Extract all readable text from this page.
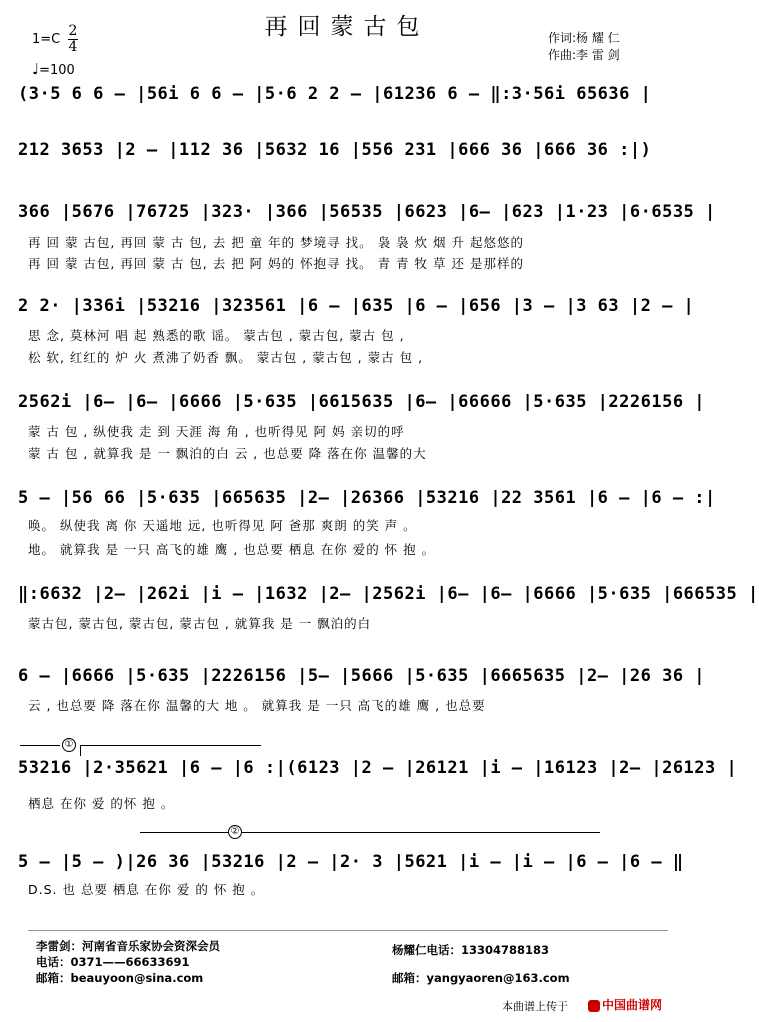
再回蒙古包	作词:杨 耀 仁
作曲:李 雷 剑
1=C
2
4
♩=100
(3·5 6 6 – |56i 6 6 – |5·6 2 2 – |61236 6 – ‖:3·56i 65636 |
212 3653 |2 – |112 36 |5632 16 |556 231 |666 36 |666 36 :|)
366 |5676 |76725 |323· |366 |56535 |6623 |6– |623 |1·23 |6·6535 |
再 回 蒙 古包, 再回 蒙 古 包, 去 把 童 年的 梦境寻 找。 袅 袅 炊 烟 升 起悠悠的
再 回 蒙 古包, 再回 蒙 古 包, 去 把 阿 妈的 怀抱寻 找。 青 青 牧 草 还 是那样的
2 2· |336i |53216 |323561 |6 – |635 |6 – |656 |3 – |3 63 |2 – |
思 念, 莫林河 唱 起 熟悉的歌 谣。 蒙古包 , 蒙古包, 蒙古 包 ,
松 软, 红红的 炉 火 煮沸了奶香 飘。 蒙古包 , 蒙古包 , 蒙古 包 ,
2562i |6– |6– |6666 |5·635 |6615635 |6– |66666 |5·635 |2226156 |
蒙 古 包 , 纵使我 走 到 天涯 海 角 , 也听得见 阿 妈 亲切的呼
蒙 古 包 , 就算我 是 一 飘泊的白 云 , 也总要 降 落在你 温馨的大
5 – |56 66 |5·635 |665635 |2– |26366 |53216 |22 3561 |6 – |6 – :|
唤。 纵使我 离 你 天遥地 远, 也听得见 阿 爸那 爽朗 的笑 声 。
地。 就算我 是 一只 高飞的雄 鹰 , 也总要 栖息 在你 爱的 怀 抱 。
‖:6632 |2– |262i |i – |1632 |2– |2562i |6– |6– |6666 |5·635 |666535 |
蒙古包, 蒙古包, 蒙古包, 蒙古包 , 就算我 是 一 飘泊的白
6 – |6666 |5·635 |2226156 |5– |5666 |5·635 |6665635 |2– |26 36 |
云 , 也总要 降 落在你 温馨的大 地 。 就算我 是 一只 高飞的雄 鹰 , 也总要
①
53216 |2·35621 |6 – |6 :|(6123 |2 – |26121 |i – |16123 |2– |26123 |
栖息 在你 爱 的怀 抱 。
②
5 – |5 – )|26 36 |53216 |2 – |2· 3 |5621 |i – |i – |6 – |6 – ‖
D.S. 也 总要 栖息 在你 爱 的 怀 抱 。
李雷剑：河南省音乐家协会资深会员
电话：0371——66633691
邮箱：beauyoon@sina.com
杨耀仁电话：13304788183
邮箱：yangyaoren@163.com
本曲谱上传于	中国曲谱网
